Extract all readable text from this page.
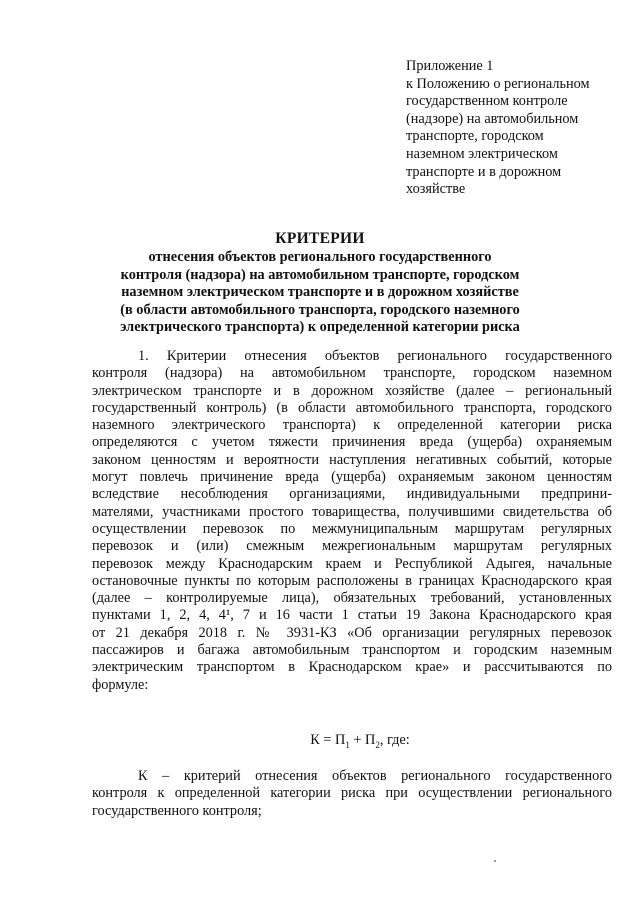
Приложение 1
к Положению о региональном
государственном контроле
(надзоре) на автомобильном
транспорте, городском
наземном электрическом
транспорте и в дорожном
хозяйстве
КРИТЕРИИ
отнесения объектов регионального государственного
контроля (надзора) на автомобильном транспорте, городском
наземном электрическом транспорте и в дорожном хозяйстве
(в области автомобильного транспорта, городского наземного
электрического транспорта) к определенной категории риска
1. Критерии отнесения объектов регионального государственного
контроля (надзора) на автомобильном транспорте, городском наземном
электрическом транспорте и в дорожном хозяйстве (далее – региональный
государственный контроль) (в области автомобильного транспорта, городского
наземного электрического транспорта) к определенной категории риска
определяются с учетом тяжести причинения вреда (ущерба) охраняемым
законом ценностям и вероятности наступления негативных событий, которые
могут повлечь причинение вреда (ущерба) охраняемым законом ценностям
вследствие несоблюдения организациями, индивидуальными предприни-
мателями, участниками простого товарищества, получившими свидетельства об
осуществлении перевозок по межмуниципальным маршрутам регулярных
перевозок и (или) смежным межрегиональным маршрутам регулярных
перевозок между Краснодарским краем и Республикой Адыгея, начальные
остановочные пункты по которым расположены в границах Краснодарского края
(далее – контролируемые лица), обязательных требований, установленных
пунктами 1, 2, 4, 4¹, 7 и 16 части 1 статьи 19 Закона Краснодарского края
от 21 декабря 2018 г. № 3931-КЗ «Об организации регулярных перевозок
пассажиров и багажа автомобильным транспортом и городским наземным
электрическим транспортом в Краснодарском крае» и рассчитываются по
формуле:
$К = П_1 + П_2$, где:
К – критерий отнесения объектов регионального государственного
контроля к определенной категории риска при осуществлении регионального
государственного контроля;
